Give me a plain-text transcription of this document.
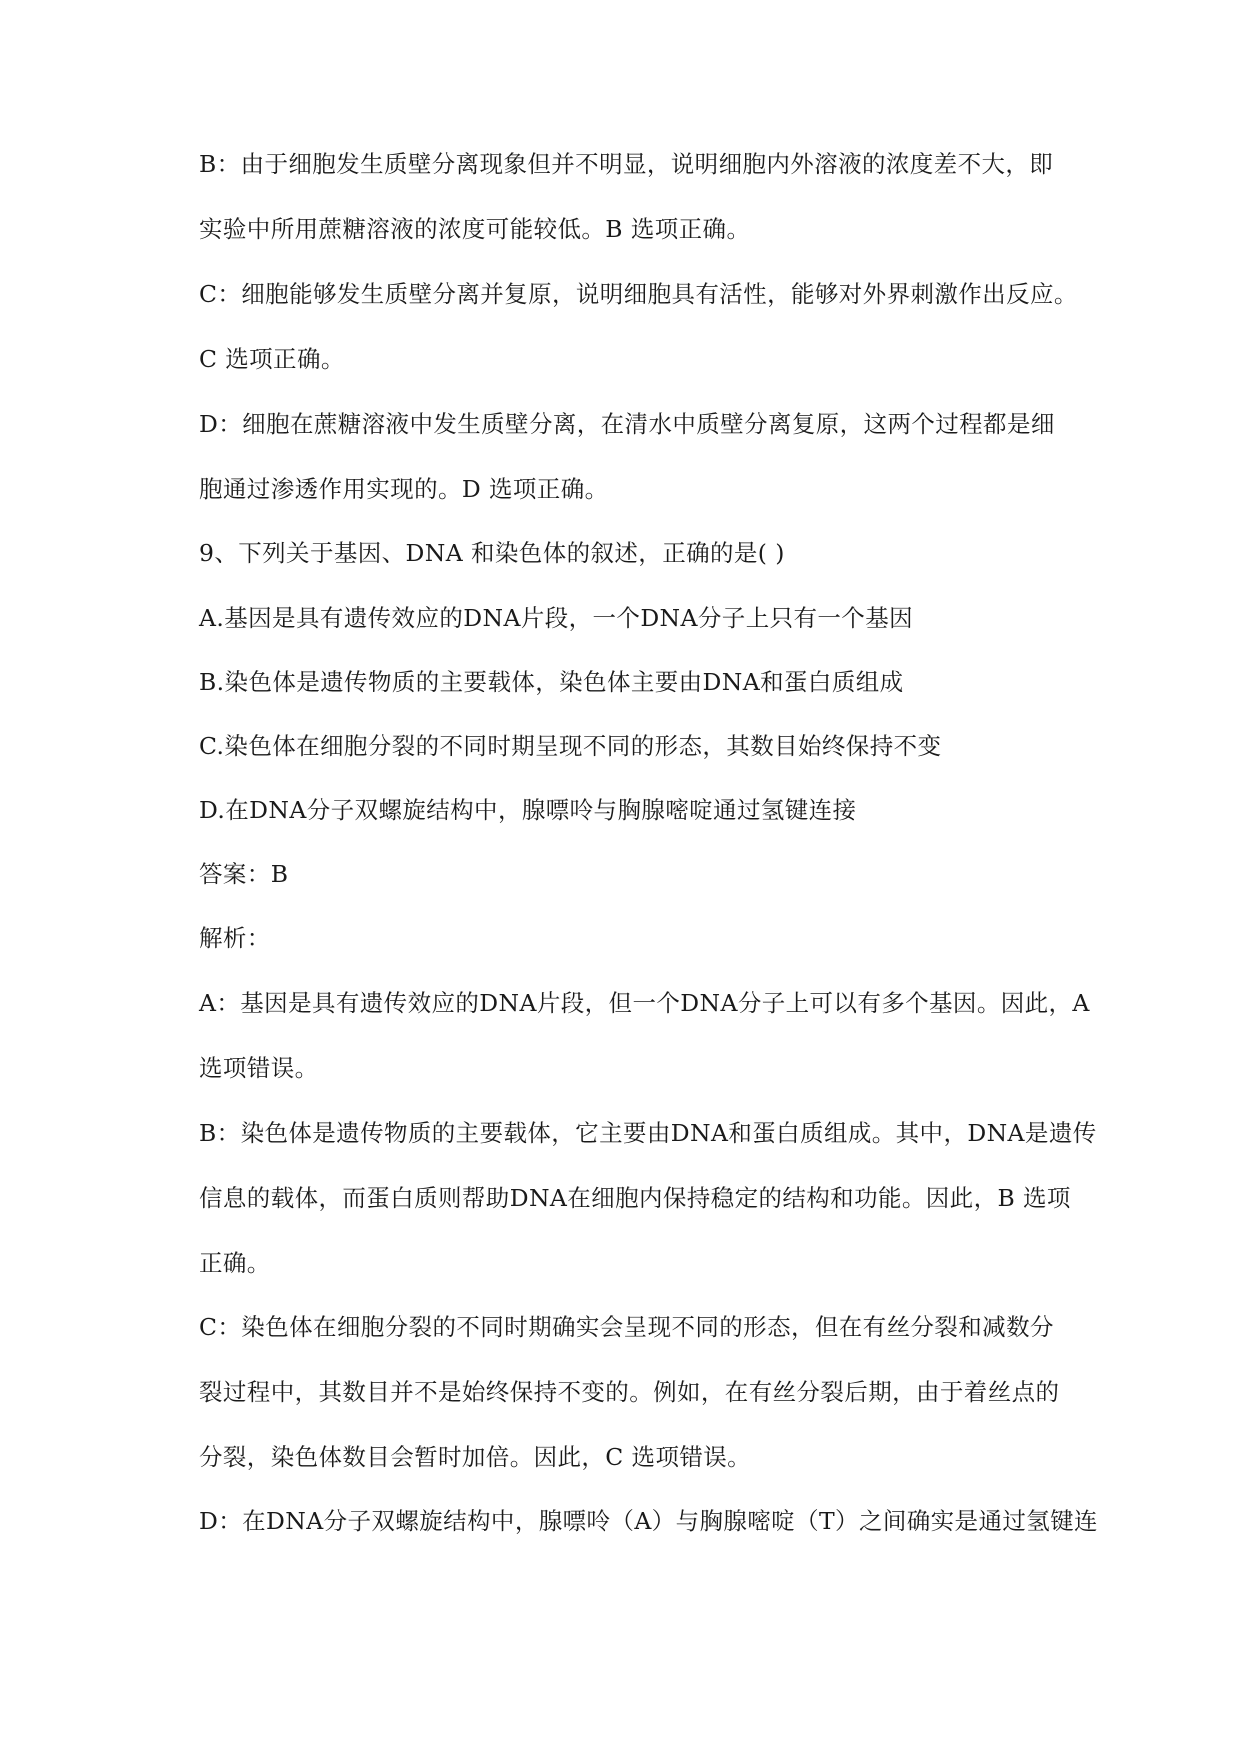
B：由于细胞发生质壁分离现象但并不明显，说明细胞内外溶液的浓度差不大，即
实验中所用蔗糖溶液的浓度可能较低。B 选项正确。
C：细胞能够发生质壁分离并复原，说明细胞具有活性，能够对外界刺激作出反应。
C 选项正确。
D：细胞在蔗糖溶液中发生质壁分离，在清水中质壁分离复原，这两个过程都是细
胞通过渗透作用实现的。D 选项正确。
9、下列关于基因、DNA 和染色体的叙述，正确的是( )
A.基因是具有遗传效应的DNA片段，一个DNA分子上只有一个基因
B.染色体是遗传物质的主要载体，染色体主要由DNA和蛋白质组成
C.染色体在细胞分裂的不同时期呈现不同的形态，其数目始终保持不变
D.在DNA分子双螺旋结构中，腺嘌呤与胸腺嘧啶通过氢键连接
答案：B
解析：
A：基因是具有遗传效应的DNA片段，但一个DNA分子上可以有多个基因。因此，A
选项错误。
B：染色体是遗传物质的主要载体，它主要由DNA和蛋白质组成。其中，DNA是遗传
信息的载体，而蛋白质则帮助DNA在细胞内保持稳定的结构和功能。因此，B 选项
正确。
C：染色体在细胞分裂的不同时期确实会呈现不同的形态，但在有丝分裂和减数分
裂过程中，其数目并不是始终保持不变的。例如，在有丝分裂后期，由于着丝点的
分裂，染色体数目会暂时加倍。因此，C 选项错误。
D：在DNA分子双螺旋结构中，腺嘌呤（A）与胸腺嘧啶（T）之间确实是通过氢键连
